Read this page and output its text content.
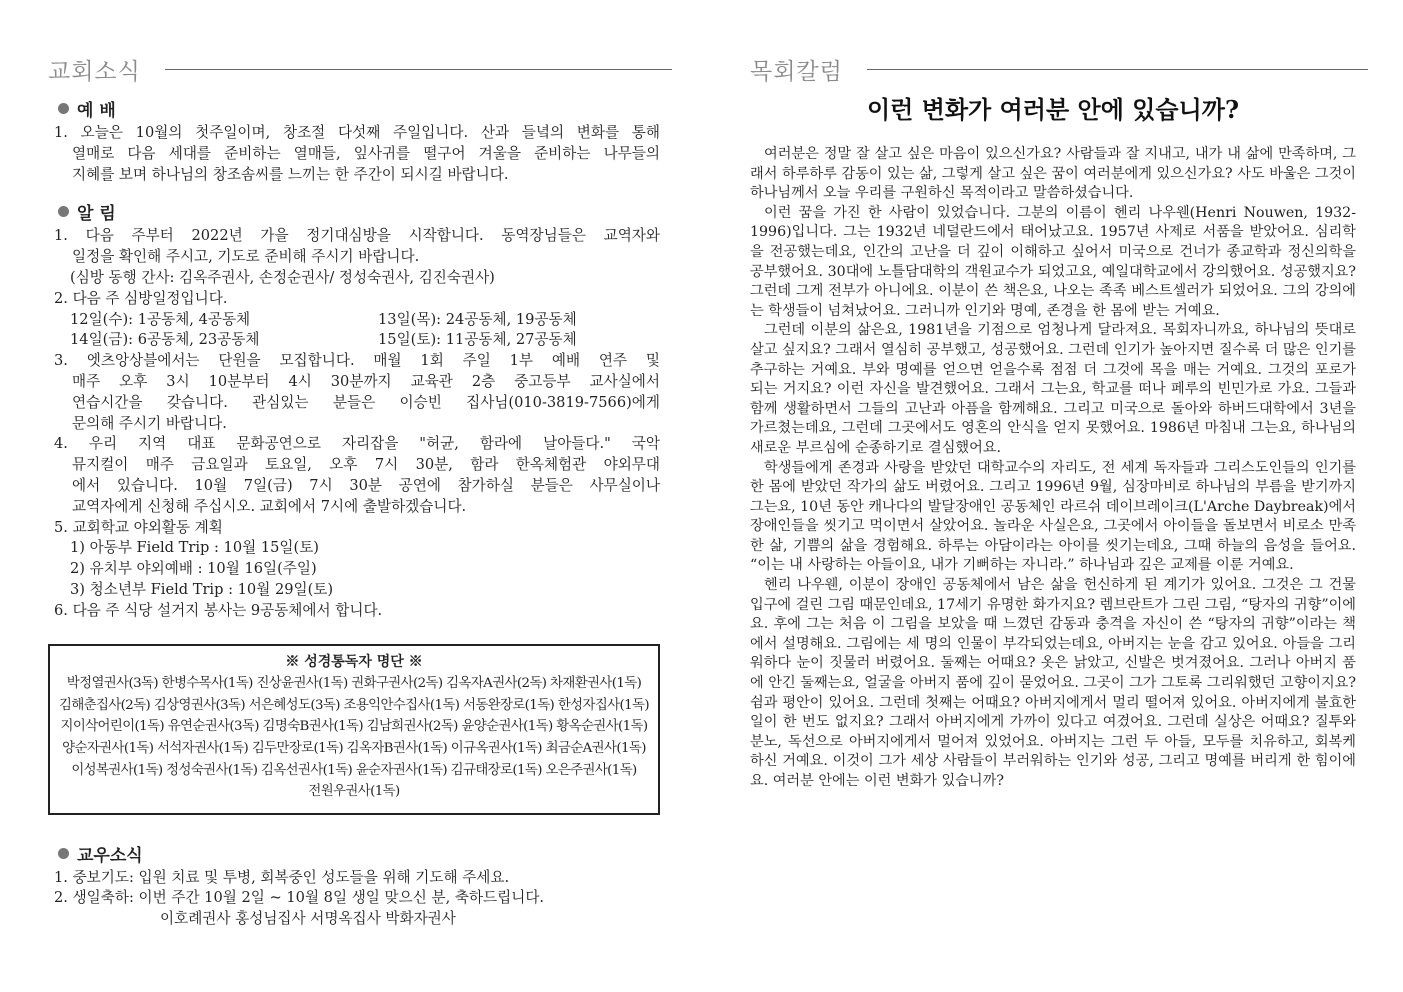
교회소식
예 배
1. 오늘은 10월의 첫주일이며, 창조절 다섯째 주일입니다. 산과 들녘의 변화를 통해
열매로 다음 세대를 준비하는 열매들, 잎사귀를 떨구어 겨울을 준비하는 나무들의
지혜를 보며 하나님의 창조솜씨를 느끼는 한 주간이 되시길 바랍니다.
알 림
1. 다음 주부터 2022년 가을 정기대심방을 시작합니다. 동역장님들은 교역자와
일정을 확인해 주시고, 기도로 준비해 주시기 바랍니다.
(심방 동행 간사: 김옥주권사, 손정순권사/ 정성숙권사, 김진숙권사)
2. 다음 주 심방일정입니다.
12일(수): 1공동체, 4공동체	13일(목): 24공동체, 19공동체
14일(금): 6공동체, 23공동체	15일(토): 11공동체, 27공동체
3. 엣츠앙상블에서는 단원을 모집합니다. 매월 1회 주일 1부 예배 연주 및
매주 오후 3시 10분부터 4시 30분까지 교육관 2층 중고등부 교사실에서
연습시간을 갖습니다. 관심있는 분들은 이승빈 집사님(010-3819-7566)에게
문의해 주시기 바랍니다.
4. 우리 지역 대표 문화공연으로 자리잡을 "허균, 함라에 날아들다." 국악
뮤지컬이 매주 금요일과 토요일, 오후 7시 30분, 함라 한옥체험관 야외무대
에서 있습니다. 10월 7일(금) 7시 30분 공연에 참가하실 분들은 사무실이나
교역자에게 신청해 주십시오. 교회에서 7시에 출발하겠습니다.
5. 교회학교 야외활동 계획
1) 아동부 Field Trip : 10월 15일(토)
2) 유치부 야외예배 : 10월 16일(주일)
3) 청소년부 Field Trip : 10월 29일(토)
6. 다음 주 식당 설거지 봉사는 9공동체에서 합니다.
※ 성경통독자 명단 ※
박정열권사(3독) 한병수목사(1독) 진상윤권사(1독) 권화구권사(2독) 김옥자A권사(2독) 차재환권사(1독)
김해춘집사(2독) 김상영권사(3독) 서은혜성도(3독) 조용익안수집사(1독) 서동완장로(1독) 한성자집사(1독)
지이삭어린이(1독) 유연순권사(3독) 김명숙B권사(1독) 김남희권사(2독) 윤양순권사(1독) 황옥순권사(1독)
양순자권사(1독) 서석자권사(1독) 김두만장로(1독) 김옥자B권사(1독) 이규옥권사(1독) 최금순A권사(1독)
이성복권사(1독) 정성숙권사(1독) 김옥선권사(1독) 윤순자권사(1독) 김규태장로(1독) 오은주권사(1독)
전원우권사(1독)
교우소식
1. 중보기도: 입원 치료 및 투병, 회복중인 성도들을 위해 기도해 주세요.
2. 생일축하: 이번 주간 10월 2일 ~ 10월 8일 생일 맞으신 분, 축하드립니다.
이호례권사 홍성님집사 서명옥집사 박화자권사
목회칼럼
이런 변화가 여러분 안에 있습니까?

여러분은 정말 잘 살고 싶은 마음이 있으신가요? 사람들과 잘 지내고, 내가 내 삶에 만족하며, 그래서 하루하루 감동이 있는 삶, 그렇게 살고 싶은 꿈이 여러분에게 있으신가요? 사도 바울은 그것이 하나님께서 오늘 우리를 구원하신 목적이라고 말씀하셨습니다.

이런 꿈을 가진 한 사람이 있었습니다. 그분의 이름이 헨리 나우웬(Henri Nouwen, 1932-1996)입니다. 그는 1932년 네덜란드에서 태어났고요. 1957년 사제로 서품을 받았어요. 심리학을 전공했는데요, 인간의 고난을 더 깊이 이해하고 싶어서 미국으로 건너가 종교학과 정신의학을 공부했어요. 30대에 노틀담대학의 객원교수가 되었고요, 예일대학교에서 강의했어요. 성공했지요? 그런데 그게 전부가 아니에요. 이분이 쓴 책은요, 나오는 족족 베스트셀러가 되었어요. 그의 강의에는 학생들이 넘쳐났어요. 그러니까 인기와 명예, 존경을 한 몸에 받는 거예요.

그런데 이분의 삶은요, 1981년을 기점으로 엄청나게 달라져요. 목회자니까요, 하나님의 뜻대로 살고 싶지요? 그래서 열심히 공부했고, 성공했어요. 그런데 인기가 높아지면 질수록 더 많은 인기를 추구하는 거예요. 부와 명예를 얻으면 얻을수록 점점 더 그것에 목을 매는 거예요. 그것의 포로가 되는 거지요? 이런 자신을 발견했어요. 그래서 그는요, 학교를 떠나 페루의 빈민가로 가요. 그들과 함께 생활하면서 그들의 고난과 아픔을 함께해요. 그리고 미국으로 돌아와 하버드대학에서 3년을 가르쳤는데요, 그런데 그곳에서도 영혼의 안식을 얻지 못했어요. 1986년 마침내 그는요, 하나님의 새로운 부르심에 순종하기로 결심했어요.

학생들에게 존경과 사랑을 받았던 대학교수의 자리도, 전 세계 독자들과 그리스도인들의 인기를 한 몸에 받았던 작가의 삶도 버렸어요. 그리고 1996년 9월, 심장마비로 하나님의 부름을 받기까지 그는요, 10년 동안 캐나다의 발달장애인 공동체인 라르쉬 데이브레이크(L'Arche Daybreak)에서 장애인들을 씻기고 먹이면서 살았어요. 놀라운 사실은요, 그곳에서 아이들을 돌보면서 비로소 만족한 삶, 기쁨의 삶을 경험해요. 하루는 아담이라는 아이를 씻기는데요, 그때 하늘의 음성을 들어요. “이는 내 사랑하는 아들이요, 내가 기뻐하는 자니라.” 하나님과 깊은 교제를 이룬 거예요.

헨리 나우웬, 이분이 장애인 공동체에서 남은 삶을 헌신하게 된 계기가 있어요. 그것은 그 건물 입구에 걸린 그림 때문인데요, 17세기 유명한 화가지요? 렘브란트가 그린 그림, “탕자의 귀향”이에요. 후에 그는 처음 이 그림을 보았을 때 느꼈던 감동과 충격을 자신이 쓴 “탕자의 귀향”이라는 책에서 설명해요. 그림에는 세 명의 인물이 부각되었는데요, 아버지는 눈을 감고 있어요. 아들을 그리워하다 눈이 짓물러 버렸어요. 둘째는 어때요? 옷은 낡았고, 신발은 벗겨졌어요. 그러나 아버지 품에 안긴 둘째는요, 얼굴을 아버지 품에 깊이 묻었어요. 그곳이 그가 그토록 그리워했던 고향이지요? 쉼과 평안이 있어요. 그런데 첫째는 어때요? 아버지에게서 멀리 떨어져 있어요. 아버지에게 불효한 일이 한 번도 없지요? 그래서 아버지에게 가까이 있다고 여겼어요. 그런데 실상은 어때요? 질투와 분노, 독선으로 아버지에게서 멀어져 있었어요. 아버지는 그런 두 아들, 모두를 치유하고, 회복케 하신 거예요. 이것이 그가 세상 사람들이 부러워하는 인기와 성공, 그리고 명예를 버리게 한 힘이에요. 여러분 안에는 이런 변화가 있습니까?
